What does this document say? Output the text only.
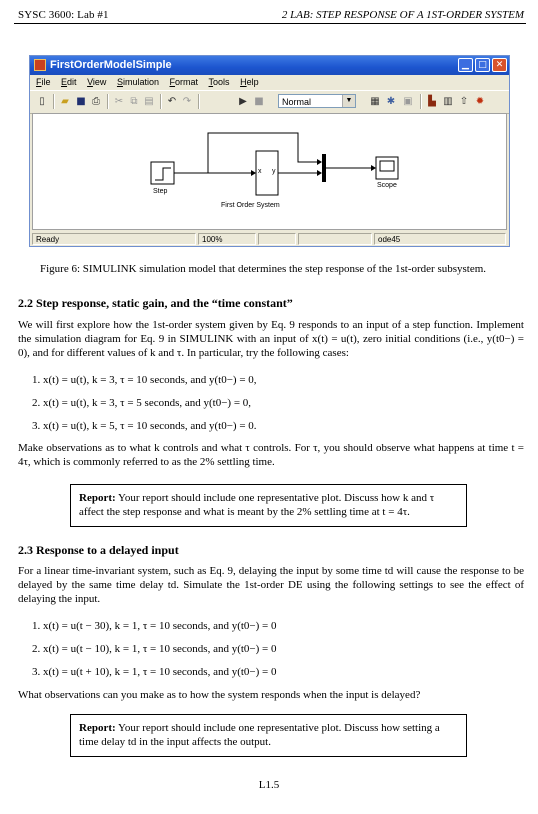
SYSC 3600: Lab #1	2 LAB: STEP RESPONSE OF A 1ST-ORDER SYSTEM
FirstOrderModelSimple	▁	□ ✕
File Edit View Simulation Format Tools Help
▯	▰ ■ ⎙	✂ ⧉ ▤ ↶ ↷	▶ ■	Normal	▼ ▦ ✱ ▣	▙ ▥ ⇧ ✹
Step
First Order System
Scope
x y
Ready	100%	ode45
Figure 6: SIMULINK simulation model that determines the step response of the 1st-order subsystem.
2.2 Step response, static gain, and the “time constant”
We will first explore how the 1st-order system given by Eq. 9 responds to an input of a step function. Implement the simulation diagram for Eq. 9 in SIMULINK with an input of x(t) = u(t), zero initial conditions (i.e., y(t0−) = 0), and for different values of k and τ. In particular, try the following cases:
1. x(t) = u(t), k = 3, τ = 10 seconds, and y(t0−) = 0,
2. x(t) = u(t), k = 3, τ = 5 seconds, and y(t0−) = 0,
3. x(t) = u(t), k = 5, τ = 10 seconds, and y(t0−) = 0.
Make observations as to what k controls and what τ controls. For τ, you should observe what happens at time t = 4τ, which is commonly referred to as the 2% settling time.
Report: Your report should include one representative plot. Discuss how k and τ affect the step response and what is meant by the 2% settling time at t = 4τ.
2.3 Response to a delayed input
For a linear time-invariant system, such as Eq. 9, delaying the input by some time td will cause the response to be delayed by the same time delay td. Simulate the 1st-order DE using the following settings to see the effect of delaying the input.
1. x(t) = u(t − 30), k = 1, τ = 10 seconds, and y(t0−) = 0
2. x(t) = u(t − 10), k = 1, τ = 10 seconds, and y(t0−) = 0
3. x(t) = u(t + 10), k = 1, τ = 10 seconds, and y(t0−) = 0
What observations can you make as to how the system responds when the input is delayed?
Report: Your report should include one representative plot. Discuss how setting a time delay td in the input affects the output.
L1.5
